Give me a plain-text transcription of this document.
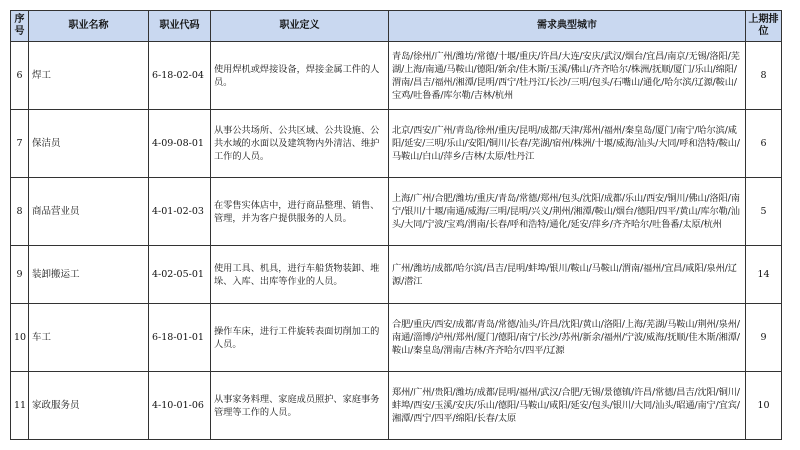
序号	职业名称	职业代码	职业定义	需求典型城市	上期排位
6	焊工	6-18-02-04	使用焊机或焊接设备，焊接金属工件的人员。	青岛/徐州/广州/潍坊/常德/十堰/重庆/许昌/大连/安庆/武汉/烟台/宜昌/南京/无锡/洛阳/芜湖/上海/南通/马鞍山/德阳/新余/佳木斯/玉溪/佛山/齐齐哈尔/株洲/抚顺/厦门/乐山/绵阳/渭南/昌吉/福州/湘潭/昆明/西宁/牡丹江/长沙/三明/包头/石嘴山/通化/哈尔滨/辽源/鞍山/宝鸡/吐鲁番/库尔勒/吉林/杭州	8
7	保洁员	4-09-08-01	从事公共场所、公共区域、公共设施、公共水域的水面以及建筑物内外清洁、维护工作的人员。	北京/西安/广州/青岛/徐州/重庆/昆明/成都/天津/郑州/福州/秦皇岛/厦门/南宁/哈尔滨/咸阳/延安/三明/乐山/安阳/铜川/长春/芜湖/宿州/株洲/十堰/威海/汕头/大同/呼和浩特/鞍山/马鞍山/白山/萍乡/吉林/太原/牡丹江	6
8	商品营业员	4-01-02-03	在零售实体店中，进行商品整理、销售、管理，并为客户提供服务的人员。	上海/广州/合肥/潍坊/重庆/青岛/常德/郑州/包头/沈阳/成都/乐山/西安/铜川/佛山/洛阳/南宁/银川/十堰/南通/威海/三明/昆明/兴义/荆州/湘潭/鞍山/烟台/德阳/四平/黄山/库尔勒/汕头/大同/宁波/宝鸡/渭南/长春/呼和浩特/通化/延安/萍乡/齐齐哈尔/吐鲁番/太原/杭州	5
9	装卸搬运工	4-02-05-01	使用工具、机具，进行车船货物装卸、堆垛、入库、出库等作业的人员。	广州/潍坊/成都/哈尔滨/昌吉/昆明/蚌埠/银川/鞍山/马鞍山/渭南/福州/宜昌/咸阳/泉州/辽源/潜江	14
10	车工	6-18-01-01	操作车床，进行工件旋转表面切削加工的人员。	合肥/重庆/西安/成都/青岛/常德/汕头/许昌/沈阳/黄山/洛阳/上海/芜湖/马鞍山/荆州/泉州/南通/淄博/泸州/郑州/厦门/德阳/南宁/长沙/苏州/新余/福州/宁波/威海/抚顺/佳木斯/湘潭/鞍山/秦皇岛/渭南/吉林/齐齐哈尔/四平/辽源	9
11	家政服务员	4-10-01-06	从事家务料理、家庭成员照护、家庭事务管理等工作的人员。	郑州/广州/贵阳/潍坊/成都/昆明/福州/武汉/合肥/无锡/景德镇/许昌/常德/昌吉/沈阳/铜川/蚌埠/西安/玉溪/安庆/乐山/德阳/马鞍山/咸阳/延安/包头/银川/大同/汕头/昭通/南宁/宜宾/湘潭/西宁/四平/绵阳/长春/太原	10
